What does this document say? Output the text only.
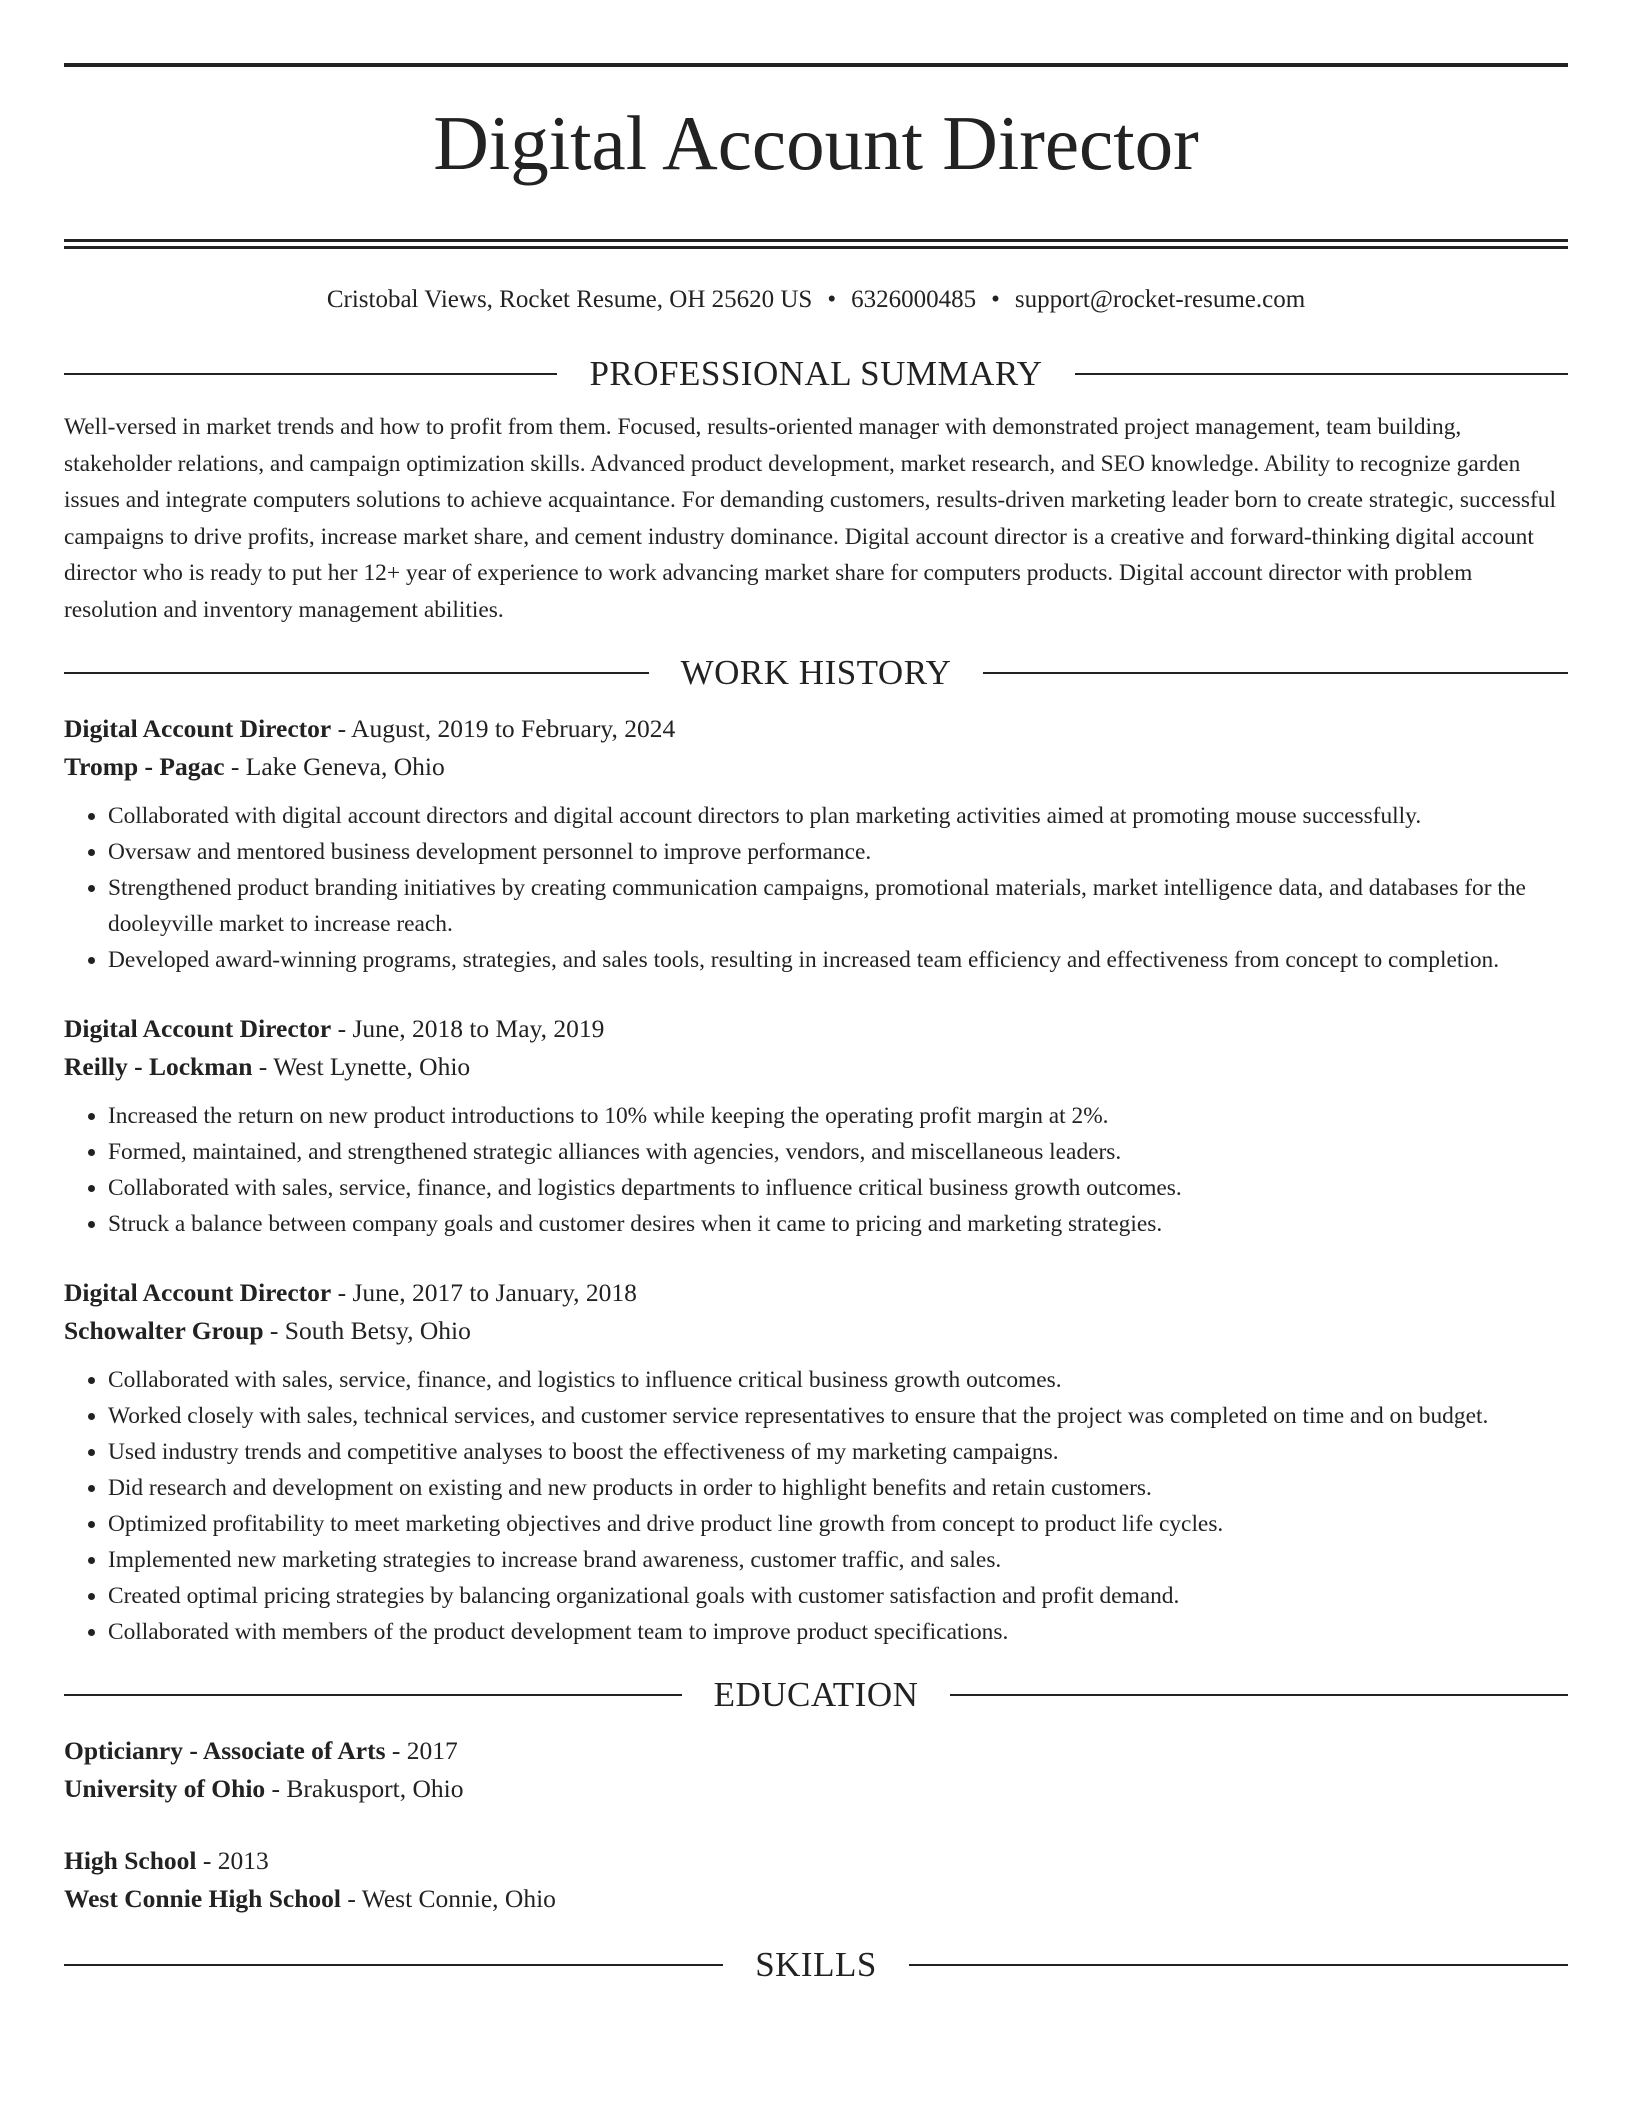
Digital Account Director
Cristobal Views, Rocket Resume, OH 25620 US • 6326000485 • support@rocket-resume.com
PROFESSIONAL SUMMARY

Well-versed in market trends and how to profit from them. Focused, results-oriented manager with demonstrated project management, team building, stakeholder relations, and campaign optimization skills. Advanced product development, market research, and SEO knowledge. Ability to recognize garden issues and integrate computers solutions to achieve acquaintance. For demanding customers, results-driven marketing leader born to create strategic, successful campaigns to drive profits, increase market share, and cement industry dominance. Digital account director is a creative and forward-thinking digital account director who is ready to put her 12+ year of experience to work advancing market share for computers products. Digital account director with problem resolution and inventory management abilities.

WORK HISTORY
Digital Account Director - August, 2019 to February, 2024
Tromp - Pagac - Lake Geneva, Ohio
• Collaborated with digital account directors and digital account directors to plan marketing activities aimed at promoting mouse successfully.
• Oversaw and mentored business development personnel to improve performance.
• Strengthened product branding initiatives by creating communication campaigns, promotional materials, market intelligence data, and databases for the dooleyville market to increase reach.
• Developed award-winning programs, strategies, and sales tools, resulting in increased team efficiency and effectiveness from concept to completion.
Digital Account Director - June, 2018 to May, 2019
Reilly - Lockman - West Lynette, Ohio
• Increased the return on new product introductions to 10% while keeping the operating profit margin at 2%.
• Formed, maintained, and strengthened strategic alliances with agencies, vendors, and miscellaneous leaders.
• Collaborated with sales, service, finance, and logistics departments to influence critical business growth outcomes.
• Struck a balance between company goals and customer desires when it came to pricing and marketing strategies.
Digital Account Director - June, 2017 to January, 2018
Schowalter Group - South Betsy, Ohio
• Collaborated with sales, service, finance, and logistics to influence critical business growth outcomes.
• Worked closely with sales, technical services, and customer service representatives to ensure that the project was completed on time and on budget.
• Used industry trends and competitive analyses to boost the effectiveness of my marketing campaigns.
• Did research and development on existing and new products in order to highlight benefits and retain customers.
• Optimized profitability to meet marketing objectives and drive product line growth from concept to product life cycles.
• Implemented new marketing strategies to increase brand awareness, customer traffic, and sales.
• Created optimal pricing strategies by balancing organizational goals with customer satisfaction and profit demand.
• Collaborated with members of the product development team to improve product specifications.
EDUCATION
Opticianry - Associate of Arts - 2017
University of Ohio - Brakusport, Ohio
High School - 2013
West Connie High School - West Connie, Ohio
SKILLS
